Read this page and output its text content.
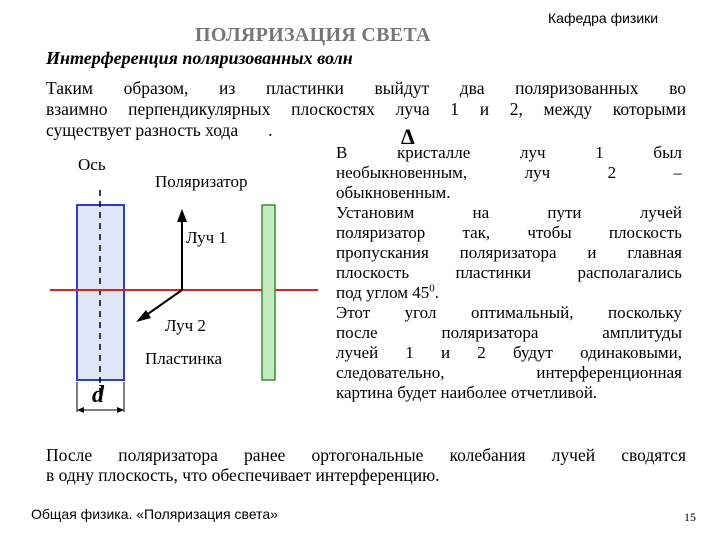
Кафедра физики
ПОЛЯРИЗАЦИЯ СВЕТА
Интерференция поляризованных волн
Таким образом, из пластинки выйдут два поляризованных во
взаимно перпендикулярных плоскостях луча 1 и 2, между которыми
существует разность хода .	Δ
Ось
Поляризатор
Луч 1
Луч 2
Пластинка
d
В кристалле луч 1 был
необыкновенным, луч 2 –
обыкновенным.
Установим на пути лучей
поляризатор так, чтобы плоскость
пропускания поляризатора и главная
плоскость пластинки располагались
под углом $45^0$.
Этот угол оптимальный, поскольку
после поляризатора амплитуды
лучей 1 и 2 будут одинаковыми,
следовательно, интерференционная
картина будет наиболее отчетливой.
После поляризатора ранее ортогональные колебания лучей сводятся
в одну плоскость, что обеспечивает интерференцию.
Общая физика. «Поляризация света»	15
